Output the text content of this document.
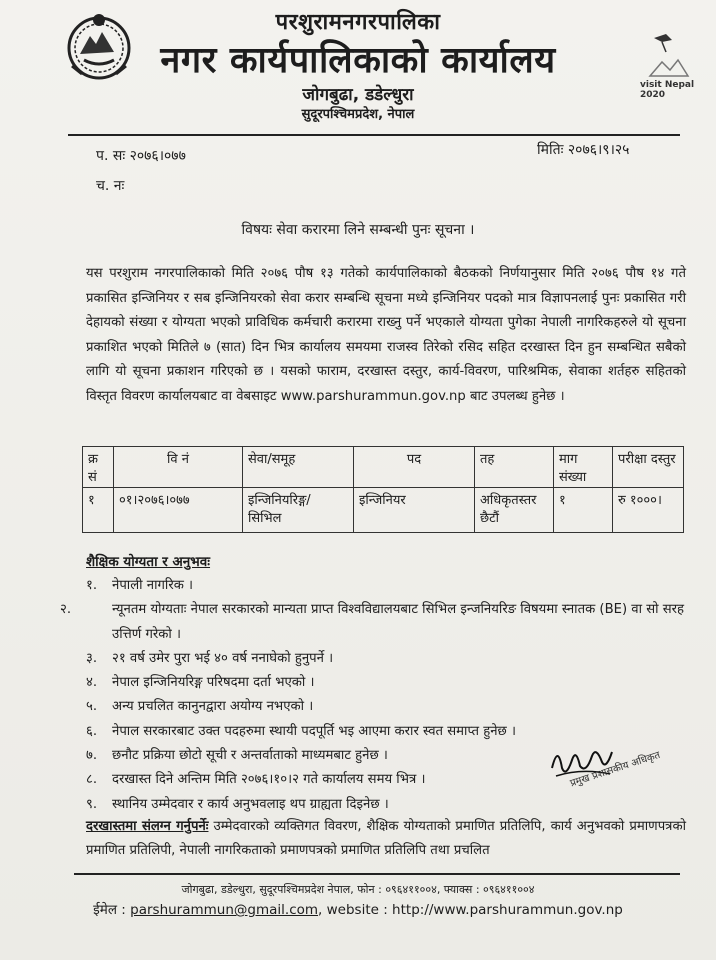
परशुरामनगरपालिका
नगर कार्यपालिकाको कार्यालय
जोगबुढा, डडेल्धुरा
सुदूरपश्चिमप्रदेश, नेपाल
visit Nepal 2020
प. सः २०७६।०७७
च. नः
मितिः २०७६।९।२५
विषयः सेवा करारमा लिने सम्बन्धी पुनः सूचना ।
यस परशुराम नगरपालिकाको मिति २०७६ पौष १३ गतेको कार्यपालिकाको बैठकको निर्णयानुसार मिति २०७६ पौष १४ गते प्रकासित इन्जिनियर र सब इन्जिनियरको सेवा करार सम्बन्धि सूचना मध्ये इन्जिनियर पदको मात्र विज्ञापनलाई पुनः प्रकासित गरी देहायको संख्या र योग्यता भएको प्राविधिक कर्मचारी करारमा राख्नु पर्ने भएकाले योग्यता पुगेका नेपाली नागरिकहरुले यो सूचना प्रकाशित भएको मितिले ७ (सात) दिन भित्र कार्यालय समयमा राजस्व तिरेको रसिद सहित दरखास्त दिन हुन सम्बन्धित सबैको लागि यो सूचना प्रकाशन गरिएको छ । यसको फाराम, दरखास्त दस्तुर, कार्य-विवरण, पारिश्रमिक, सेवाका शर्तहरु सहितको विस्तृत विवरण कार्यालयबाट वा वेबसाइट www.parshurammun.gov.np बाट उपलब्ध हुनेछ ।
क्र सं	वि नं	सेवा/समूह	पद	तह	माग संख्या	परीक्षा दस्तुर
१	०१।२०७६।०७७	इन्जिनियरिङ्ग/ सिभिल	इन्जिनियर	अधिकृतस्तर छैटौं	१	रु १०००।
शैक्षिक योग्यता र अनुभवः
१. नेपाली नागरिक ।
२.	न्यूनतम योग्यताः नेपाल सरकारको मान्यता प्राप्त विश्वविद्यालयबाट सिभिल इन्जनियरिङ विषयमा स्नातक (BE) वा सो सरह उत्तिर्ण गरेको ।
३. २१ वर्ष उमेर पुरा भई ४० वर्ष ननाघेको हुनुपर्ने ।
४. नेपाल इन्जिनियरिङ्ग परिषदमा दर्ता भएको ।
५. अन्य प्रचलित कानुनद्वारा अयोग्य नभएको ।
६. नेपाल सरकारबाट उक्त पदहरुमा स्थायी पदपूर्ति भइ आएमा करार स्वत समाप्त हुनेछ ।
७. छनौट प्रक्रिया छोटो सूची र अन्तर्वाताको माध्यमबाट हुनेछ ।
८. दरखास्त दिने अन्तिम मिति २०७६।१०।२ गते कार्यालय समय भित्र ।
९. स्थानिय उम्मेदवार र कार्य अनुभवलाइ थप ग्राह्यता दिइनेछ ।
प्रमुख प्रशासकीय अधिकृत
दरखास्तमा संलग्न गर्नुपर्नेः उम्मेदवारको व्यक्तिगत विवरण, शैक्षिक योग्यताको प्रमाणित प्रतिलिपि, कार्य अनुभवको प्रमाणपत्रको प्रमाणित प्रतिलिपी, नेपाली नागरिकताको प्रमाणपत्रको प्रमाणित प्रतिलिपि तथा प्रचलित
जोगबुढा, डडेल्धुरा, सुदूरपश्चिमप्रदेश नेपाल, फोन : ०९६४११००४, फ्याक्स : ०९६४११००४
ईमेल : parshurammun@gmail.com, website : http://www.parshurammun.gov.np
